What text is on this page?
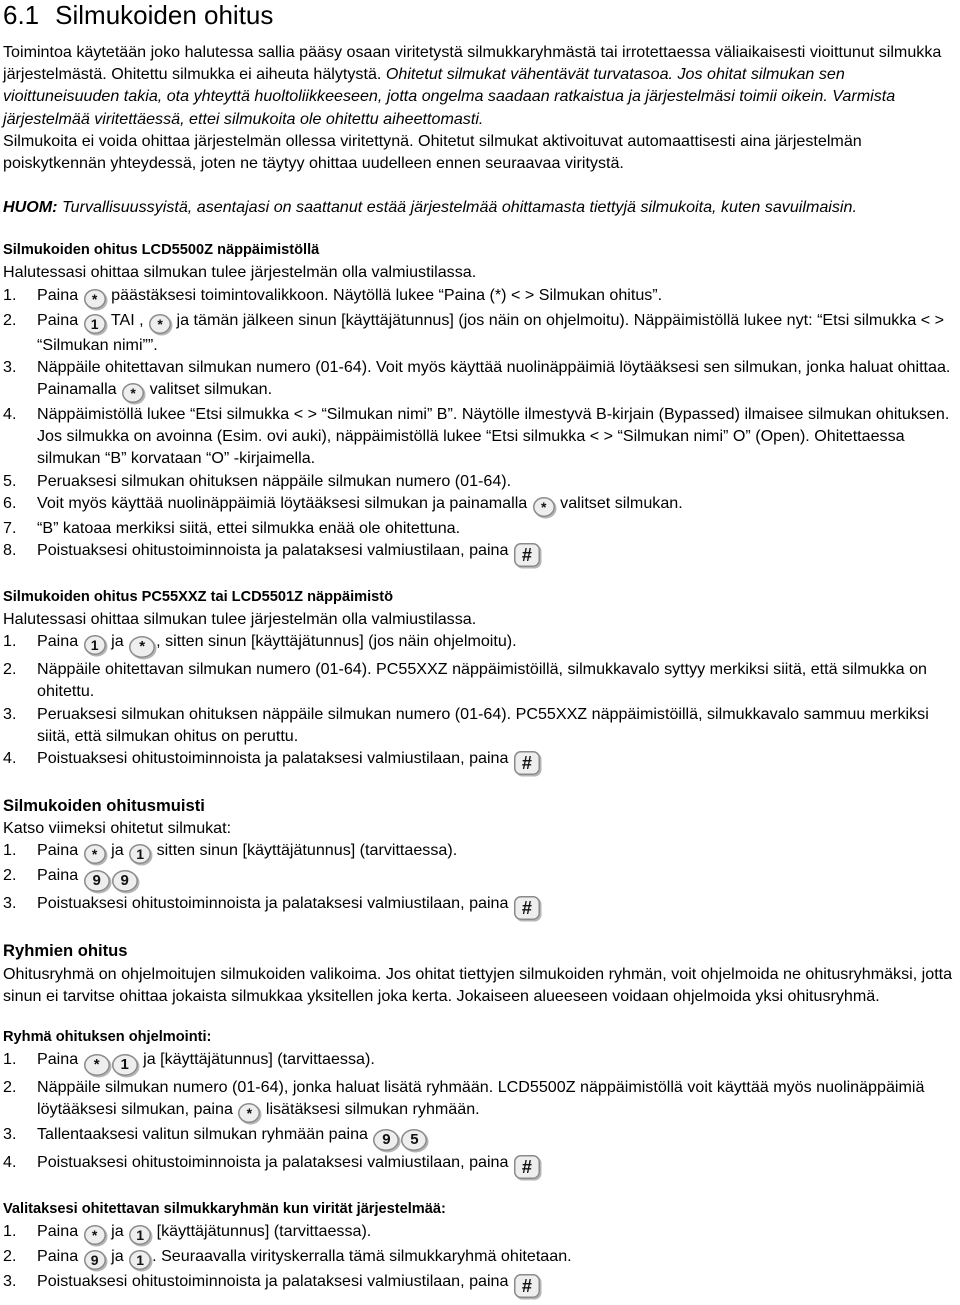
6.1 Silmukoiden ohitus

Toimintoa käytetään joko halutessa sallia pääsy osaan viritetystä silmukkaryhmästä tai irrotettaessa väliaikaisesti vioittunut silmukka järjestelmästä. Ohitettu silmukka ei aiheuta hälytystä. Ohitetut silmukat vähentävät turvatasoa. Jos ohitat silmukan sen vioittuneisuuden takia, ota yhteyttä huoltoliikkeeseen, jotta ongelma saadaan ratkaistua ja järjestelmäsi toimii oikein. Varmista järjestelmää viritettäessä, ettei silmukoita ole ohitettu aiheettomasti.

Silmukoita ei voida ohittaa järjestelmän ollessa viritettynä. Ohitetut silmukat aktivoituvat automaattisesti aina järjestelmän poiskytkennän yhteydessä, joten ne täytyy ohittaa uudelleen ennen seuraavaa viritystä.

HUOM: Turvallisuussyistä, asentajasi on saattanut estää järjestelmää ohittamasta tiettyjä silmukoita, kuten savuilmaisin.

Silmukoiden ohitus LCD5500Z näppäimistöllä

Halutessasi ohittaa silmukan tulee järjestelmän olla valmiustilassa.

1.	Paina * päästäksesi toimintovalikkoon. Näytöllä lukee “Paina (*) < > Silmukan ohitus”.
2.	Paina 1 TAI , * ja tämän jälkeen sinun [käyttäjätunnus] (jos näin on ohjelmoitu). Näppäimistöllä lukee nyt: “Etsi silmukka < > “Silmukan nimi””.
3.	Näppäile ohitettavan silmukan numero (01-64). Voit myös käyttää nuolinäppäimiä löytääksesi sen silmukan, jonka haluat ohittaa. Painamalla * valitset silmukan.
4.	Näppäimistöllä lukee “Etsi silmukka < > “Silmukan nimi” B”. Näytölle ilmestyvä B-kirjain (Bypassed) ilmaisee silmukan ohituksen. Jos silmukka on avoinna (Esim. ovi auki), näppäimistöllä lukee “Etsi silmukka < > “Silmukan nimi” O” (Open). Ohitettaessa silmukan “B” korvataan “O” -kirjaimella.
5.	Peruaksesi silmukan ohituksen näppäile silmukan numero (01-64).
6.	Voit myös käyttää nuolinäppäimiä löytääksesi silmukan ja painamalla * valitset silmukan.
7.	“B” katoaa merkiksi siitä, ettei silmukka enää ole ohitettuna.
8.	Poistuaksesi ohitustoiminnoista ja palataksesi valmiustilaan, paina #

Silmukoiden ohitus PC55XXZ tai LCD5501Z näppäimistö

Halutessasi ohittaa silmukan tulee järjestelmän olla valmiustilassa.

1.	Paina 1 ja * , sitten sinun [käyttäjätunnus] (jos näin ohjelmoitu).
2.	Näppäile ohitettavan silmukan numero (01-64). PC55XXZ näppäimistöillä, silmukkavalo syttyy merkiksi siitä, että silmukka on ohitettu.
3.	Peruaksesi silmukan ohituksen näppäile silmukan numero (01-64). PC55XXZ näppäimistöillä, silmukkavalo sammuu merkiksi siitä, että silmukan ohitus on peruttu.
4.	Poistuaksesi ohitustoiminnoista ja palataksesi valmiustilaan, paina #

Silmukoiden ohitusmuisti

Katso viimeksi ohitetut silmukat:

1.	Paina * ja 1 sitten sinun [käyttäjätunnus] (tarvittaessa).
2.	Paina 9 9
3.	Poistuaksesi ohitustoiminnoista ja palataksesi valmiustilaan, paina #

Ryhmien ohitus

Ohitusryhmä on ohjelmoitujen silmukoiden valikoima. Jos ohitat tiettyjen silmukoiden ryhmän, voit ohjelmoida ne ohitusryhmäksi, jotta sinun ei tarvitse ohittaa jokaista silmukkaa yksitellen joka kerta. Jokaiseen alueeseen voidaan ohjelmoida yksi ohitusryhmä.

Ryhmä ohituksen ohjelmointi:

1.	Paina * 1 ja [käyttäjätunnus] (tarvittaessa).
2.	Näppäile silmukan numero (01-64), jonka haluat lisätä ryhmään. LCD5500Z näppäimistöllä voit käyttää myös nuolinäppäimiä löytääksesi silmukan, paina * lisätäksesi silmukan ryhmään.
3.	Tallentaaksesi valitun silmukan ryhmään paina 9 5
4.	Poistuaksesi ohitustoiminnoista ja palataksesi valmiustilaan, paina #

Valitaksesi ohitettavan silmukkaryhmän kun virität järjestelmää:

1.	Paina * ja 1 [käyttäjätunnus] (tarvittaessa).
2.	Paina 9 ja 1 . Seuraavalla virityskerralla tämä silmukkaryhmä ohitetaan.
3.	Poistuaksesi ohitustoiminnoista ja palataksesi valmiustilaan, paina #
